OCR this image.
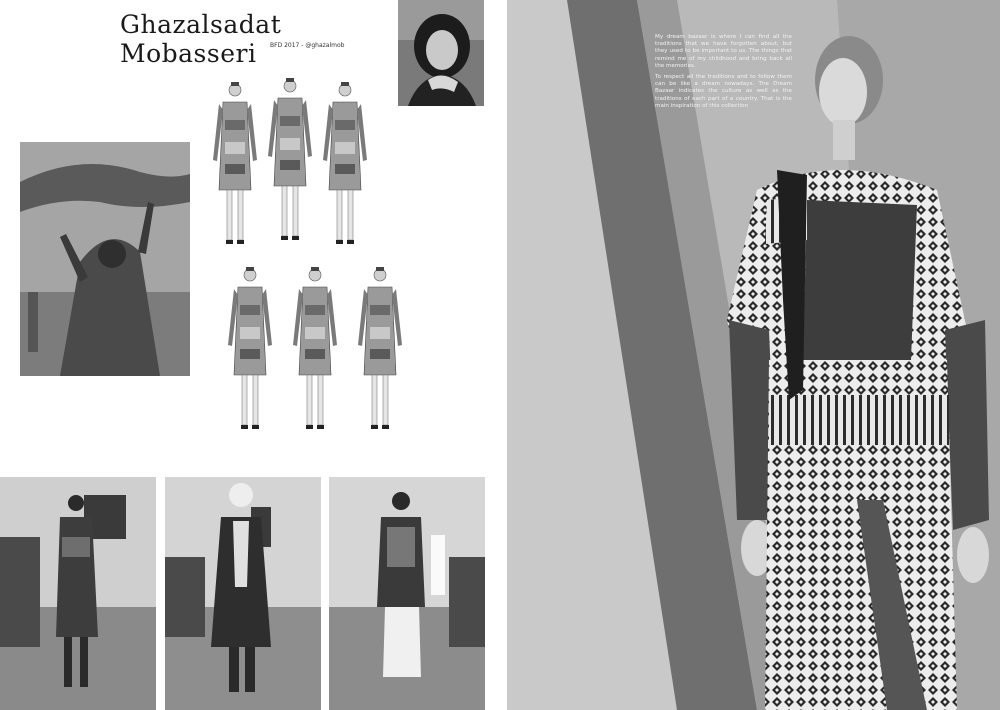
Ghazalsadat Mobasseri	BFD 2017 - @ghazalmob

My dream bazaar is where I can find all the traditions that we have forgotten about, but they used to be important to us. The things that remind me of my childhood and bring back all the memories.

To respect all the traditions and to follow them can be like a dream nowadays. The Dream Bazaar indicates the culture as well as the traditions of each part of a country. That is the main inspiration of this collection
